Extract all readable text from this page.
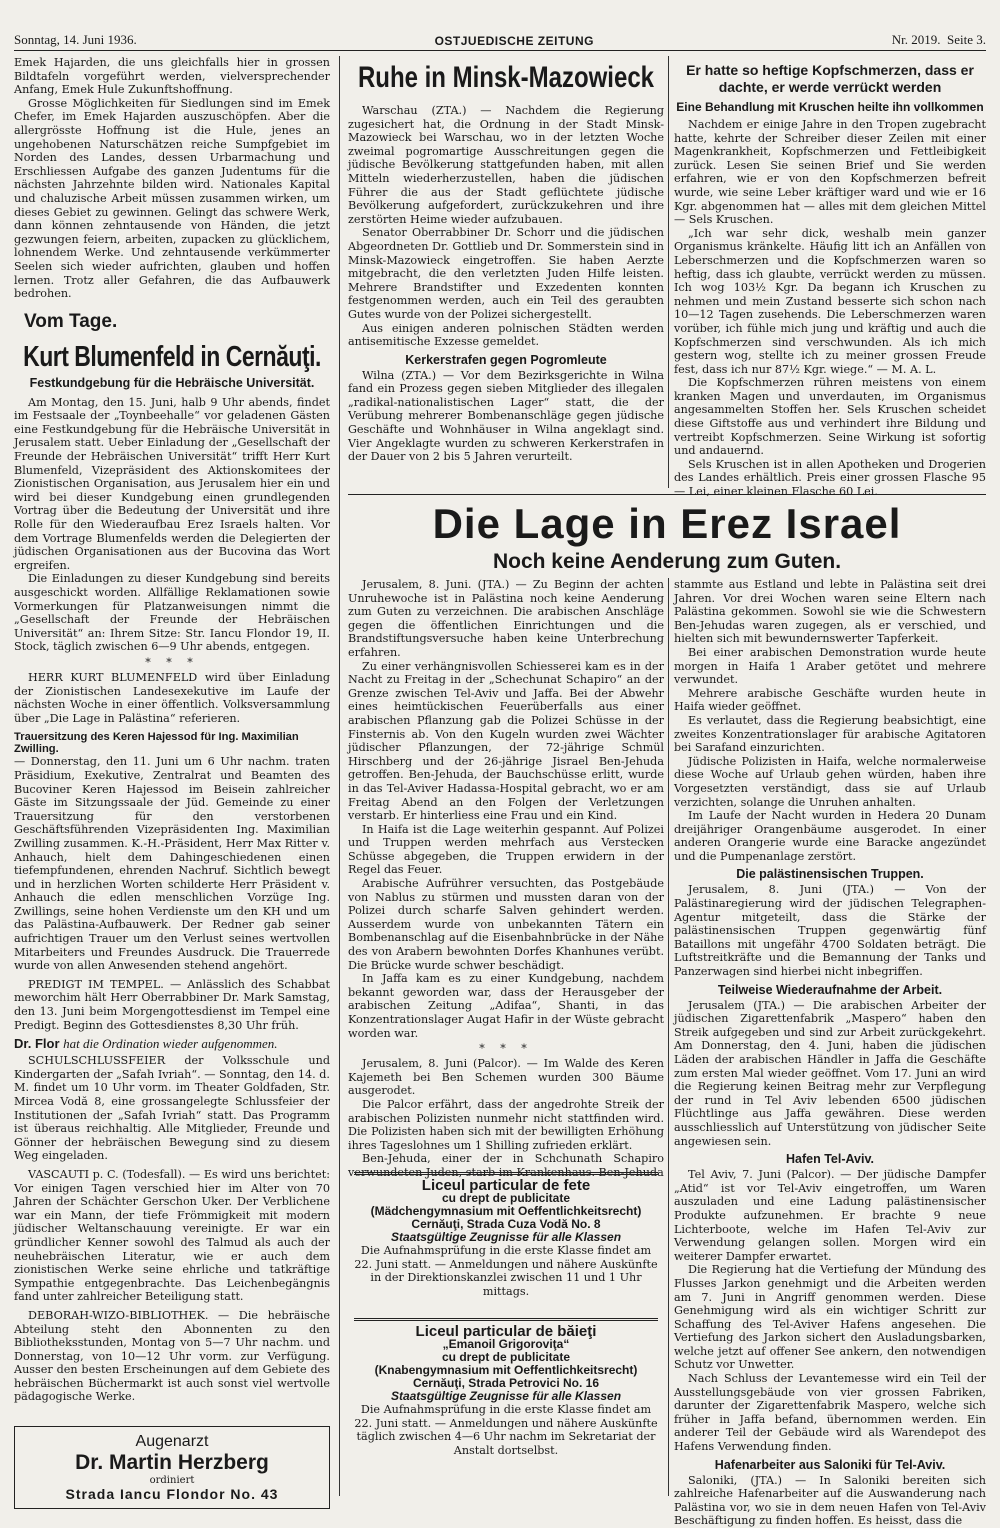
Sonntag, 14. Juni 1936.	OSTJUEDISCHE ZEITUNG	Nr. 2019. Seite 3.

Emek Hajarden, die uns gleichfalls hier in grossen Bildtafeln vorgeführt werden, vielversprechender Anfang, Emek Hule Zukunftshoffnung.

Grosse Möglichkeiten für Siedlungen sind im Emek Chefer, im Emek Hajarden auszuschöpfen. Aber die allergrösste Hoffnung ist die Hule, jenes an ungehobenen Naturschätzen reiche Sumpfgebiet im Norden des Landes, dessen Urbarmachung und Erschliessen Aufgabe des ganzen Judentums für die nächsten Jahrzehnte bilden wird. Nationales Kapital und chaluzische Arbeit müssen zusammen wirken, um dieses Gebiet zu gewinnen. Gelingt das schwere Werk, dann können zehntausende von Händen, die jetzt gezwungen feiern, arbeiten, zupacken zu glücklichem, lohnendem Werke. Und zehntausende verkümmerter Seelen sich wieder aufrichten, glauben und hoffen lernen. Trotz aller Gefahren, die das Aufbauwerk bedrohen.

Vom Tage.
Kurt Blumenfeld in Cernăuţi.
Festkundgebung für die Hebräische Universität.

Am Montag, den 15. Juni, halb 9 Uhr abends, findet im Festsaale der „Toynbeehalle“ vor geladenen Gästen eine Festkundgebung für die Hebräische Universität in Jerusalem statt. Ueber Einladung der „Gesellschaft der Freunde der Hebräischen Universität“ trifft Herr Kurt Blumenfeld, Vizepräsident des Aktionskomitees der Zionistischen Organisation, aus Jerusalem hier ein und wird bei dieser Kundgebung einen grundlegenden Vortrag über die Bedeutung der Universität und ihre Rolle für den Wiederaufbau Erez Israels halten. Vor dem Vortrage Blumenfelds werden die Delegierten der jüdischen Organisationen aus der Bucovina das Wort ergreifen.

Die Einladungen zu dieser Kundgebung sind bereits ausgeschickt worden. Allfällige Reklamationen sowie Vormerkungen für Platzanweisungen nimmt die „Gesellschaft der Freunde der Hebräischen Universität“ an: Ihrem Sitze: Str. Iancu Flondor 19, II. Stock, täglich zwischen 6—9 Uhr abends, entgegen.

* * *

HERR KURT BLUMENFELD wird über Einladung der Zionistischen Landesexekutive im Laufe der nächsten Woche in einer öffentlich. Volksversammlung über „Die Lage in Palästina“ referieren.

Trauersitzung des Keren Hajessod für Ing. Maximilian Zwilling.

— Donnerstag, den 11. Juni um 6 Uhr nachm. traten Präsidium, Exekutive, Zentralrat und Beamten des Bucoviner Keren Hajessod im Beisein zahlreicher Gäste im Sitzungssaale der Jüd. Gemeinde zu einer Trauersitzung für den verstorbenen Geschäftsführenden Vizepräsidenten Ing. Maximilian Zwilling zusammen. K.-H.-Präsident, Herr Max Ritter v. Anhauch, hielt dem Dahingeschiedenen einen tiefempfundenen, ehrenden Nachruf. Sichtlich bewegt und in herzlichen Worten schilderte Herr Präsident v. Anhauch die edlen menschlichen Vorzüge Ing. Zwillings, seine hohen Verdienste um den KH und um das Palästina-Aufbauwerk. Der Redner gab seiner aufrichtigen Trauer um den Verlust seines wertvollen Mitarbeiters und Freundes Ausdruck. Die Trauerrede wurde von allen Anwesenden stehend angehört.

PREDIGT IM TEMPEL. — Anlässlich des Schabbat meworchim hält Herr Oberrabbiner Dr. Mark Samstag, den 13. Juni beim Morgengottesdienst im Tempel eine Predigt. Beginn des Gottesdienstes 8,30 Uhr früh.

Dr. Flor hat die Ordination wieder aufgenommen.

SCHULSCHLUSSFEIER der Volksschule und Kindergarten der „Safah Ivriah“. — Sonntag, den 14. d. M. findet um 10 Uhr vorm. im Theater Goldfaden, Str. Mircea Vodă 8, eine grossangelegte Schlussfeier der Institutionen der „Safah Ivriah“ statt. Das Programm ist überaus reichhaltig. Alle Mitglieder, Freunde und Gönner der hebräischen Bewegung sind zu diesem Weg eingeladen.

VASCAUTI p. C. (Todesfall). — Es wird uns berichtet: Vor einigen Tagen verschied hier im Alter von 70 Jahren der Schächter Gerschon Uker. Der Verblichene war ein Mann, der tiefe Frömmigkeit mit modern jüdischer Weltanschauung vereinigte. Er war ein gründlicher Kenner sowohl des Talmud als auch der neuhebräischen Literatur, wie er auch dem zionistischen Werke seine ehrliche und tatkräftige Sympathie entgegenbrachte. Das Leichenbegängnis fand unter zahlreicher Beteiligung statt.

DEBORAH-WIZO-BIBLIOTHEK. — Die hebräische Abteilung steht den Abonnenten zu den Bibliotheksstunden, Montag von 5—7 Uhr nachm. und Donnerstag, von 10—12 Uhr vorm. zur Verfügung. Ausser den besten Erscheinungen auf dem Gebiete des hebräischen Büchermarkt ist auch sonst viel wertvolle pädagogische Werke.

Augenarzt
Dr. Martin Herzberg
ordiniert
Strada Iancu Flondor No. 43
Ruhe in Minsk-Mazowieck

Warschau (ZTA.) — Nachdem die Regierung zugesichert hat, die Ordnung in der Stadt Minsk-Mazowieck bei Warschau, wo in der letzten Woche zweimal pogromartige Ausschreitungen gegen die jüdische Bevölkerung stattgefunden haben, mit allen Mitteln wiederherzustellen, haben die jüdischen Führer die aus der Stadt geflüchtete jüdische Bevölkerung aufgefordert, zurückzukehren und ihre zerstörten Heime wieder aufzubauen.

Senator Oberrabbiner Dr. Schorr und die jüdischen Abgeordneten Dr. Gottlieb und Dr. Sommerstein sind in Minsk-Mazowieck eingetroffen. Sie haben Aerzte mitgebracht, die den verletzten Juden Hilfe leisten. Mehrere Brandstifter und Exzedenten konnten festgenommen werden, auch ein Teil des geraubten Gutes wurde von der Polizei sichergestellt.

Aus einigen anderen polnischen Städten werden antisemitische Exzesse gemeldet.

Kerkerstrafen gegen Pogromleute

Wilna (ZTA.) — Vor dem Bezirksgerichte in Wilna fand ein Prozess gegen sieben Mitglieder des illegalen „radikal-nationalistischen Lager“ statt, die der Verübung mehrerer Bombenanschläge gegen jüdische Geschäfte und Wohnhäuser in Wilna angeklagt sind. Vier Angeklagte wurden zu schweren Kerkerstrafen in der Dauer von 2 bis 5 Jahren verurteilt.

Er hatte so heftige Kopfschmerzen, dass er dachte, er werde verrückt werden
Eine Behandlung mit Kruschen heilte ihn vollkommen

Nachdem er einige Jahre in den Tropen zugebracht hatte, kehrte der Schreiber dieser Zeilen mit einer Magenkrankheit, Kopfschmerzen und Fettleibigkeit zurück. Lesen Sie seinen Brief und Sie werden erfahren, wie er von den Kopfschmerzen befreit wurde, wie seine Leber kräftiger ward und wie er 16 Kgr. abgenommen hat — alles mit dem gleichen Mittel — Sels Kruschen.

„Ich war sehr dick, weshalb mein ganzer Organismus kränkelte. Häufig litt ich an Anfällen von Leberschmerzen und die Kopfschmerzen waren so heftig, dass ich glaubte, verrückt werden zu müssen. Ich wog 103½ Kgr. Da begann ich Kruschen zu nehmen und mein Zustand besserte sich schon nach 10—12 Tagen zusehends. Die Leberschmerzen waren vorüber, ich fühle mich jung und kräftig und auch die Kopfschmerzen sind verschwunden. Als ich mich gestern wog, stellte ich zu meiner grossen Freude fest, dass ich nur 87½ Kgr. wiege.“ — M. A. L.

Die Kopfschmerzen rühren meistens von einem kranken Magen und unverdauten, im Organismus angesammelten Stoffen her. Sels Kruschen scheidet diese Giftstoffe aus und verhindert ihre Bildung und vertreibt Kopfschmerzen. Seine Wirkung ist sofortig und andauernd.

Sels Kruschen ist in allen Apotheken und Drogerien des Landes erhältlich. Preis einer grossen Flasche 95— Lei, einer kleinen Flasche 60 Lei.

Die Lage in Erez Israel
Noch keine Aenderung zum Guten.

Jerusalem, 8. Juni. (JTA.) — Zu Beginn der achten Unruhewoche ist in Palästina noch keine Aenderung zum Guten zu verzeichnen. Die arabischen Anschläge gegen die öffentlichen Einrichtungen und die Brandstiftungsversuche haben keine Unterbrechung erfahren.

Zu einer verhängnisvollen Schiesserei kam es in der Nacht zu Freitag in der „Schechunat Schapiro“ an der Grenze zwischen Tel-Aviv und Jaffa. Bei der Abwehr eines heimtückischen Feuerüberfalls aus einer arabischen Pflanzung gab die Polizei Schüsse in der Finsternis ab. Von den Kugeln wurden zwei Wächter jüdischer Pflanzungen, der 72-jährige Schmül Hirschberg und der 26-jährige Jisrael Ben-Jehuda getroffen. Ben-Jehuda, der Bauchschüsse erlitt, wurde in das Tel-Aviver Hadassa-Hospital gebracht, wo er am Freitag Abend an den Folgen der Verletzungen verstarb. Er hinterliess eine Frau und ein Kind.

In Haifa ist die Lage weiterhin gespannt. Auf Polizei und Truppen werden mehrfach aus Verstecken Schüsse abgegeben, die Truppen erwidern in der Regel das Feuer.

Arabische Aufrührer versuchten, das Postgebäude von Nablus zu stürmen und mussten daran von der Polizei durch scharfe Salven gehindert werden. Ausserdem wurde von unbekannten Tätern ein Bombenanschlag auf die Eisenbahnbrücke in der Nähe des von Arabern bewohnten Dorfes Khanhunes verübt. Die Brücke wurde schwer beschädigt.

In Jaffa kam es zu einer Kundgebung, nachdem bekannt geworden war, dass der Herausgeber der arabischen Zeitung „Adifaa“, Shanti, in das Konzentrationslager Augat Hafir in der Wüste gebracht worden war.

* * *

Jerusalem, 8. Juni (Palcor). — Im Walde des Keren Kajemeth bei Ben Schemen wurden 300 Bäume ausgerodet.

Die Palcor erfährt, dass der angedrohte Streik der arabischen Polizisten nunmehr nicht stattfinden wird. Die Polizisten haben sich mit der bewilligten Erhöhung ihres Tageslohnes um 1 Shilling zufrieden erklärt.

Ben-Jehuda, einer der in Schchunath Schapiro verwundeten Juden, starb im Krankenhaus. Ben-Jehuda

Liceul particular de fete
cu drept de publicitate
(Mädchengymnasium mit Oeffentlichkeitsrecht)
Cernăuţi, Strada Cuza Vodă No. 8
Staatsgültige Zeugnisse für alle Klassen

Die Aufnahmsprüfung in die erste Klasse findet am 22. Juni statt. — Anmeldungen und nähere Auskünfte in der Direktionskanzlei zwischen 11 und 1 Uhr mittags.

Liceul particular de băieţi
„Emanoil Grigoroviţa“
cu drept de publicitate
(Knabengymnasium mit Oeffentlichkeitsrecht)
Cernăuţi, Strada Petrovici No. 16
Staatsgültige Zeugnisse für alle Klassen

Die Aufnahmsprüfung in die erste Klasse findet am 22. Juni statt. — Anmeldungen und nähere Auskünfte täglich zwischen 4—6 Uhr nachm im Sekretariat der Anstalt dortselbst.

stammte aus Estland und lebte in Palästina seit drei Jahren. Vor drei Wochen waren seine Eltern nach Palästina gekommen. Sowohl sie wie die Schwestern Ben-Jehudas waren zugegen, als er verschied, und hielten sich mit bewundernswerter Tapferkeit.

Bei einer arabischen Demonstration wurde heute morgen in Haifa 1 Araber getötet und mehrere verwundet.

Mehrere arabische Geschäfte wurden heute in Haifa wieder geöffnet.

Es verlautet, dass die Regierung beabsichtigt, eine zweites Konzentrationslager für arabische Agitatoren bei Sarafand einzurichten.

Jüdische Polizisten in Haifa, welche normalerweise diese Woche auf Urlaub gehen würden, haben ihre Vorgesetzten verständigt, dass sie auf Urlaub verzichten, solange die Unruhen anhalten.

Im Laufe der Nacht wurden in Hedera 20 Dunam dreijähriger Orangenbäume ausgerodet. In einer anderen Orangerie wurde eine Baracke angezündet und die Pumpenanlage zerstört.

Die palästinensischen Truppen.

Jerusalem, 8. Juni (JTA.) — Von der Palästinaregierung wird der jüdischen Telegraphen-Agentur mitgeteilt, dass die Stärke der palästinensischen Truppen gegenwärtig fünf Bataillons mit ungefähr 4700 Soldaten beträgt. Die Luftstreitkräfte und die Bemannung der Tanks und Panzerwagen sind hierbei nicht inbegriffen.

Teilweise Wiederaufnahme der Arbeit.

Jerusalem (JTA.) — Die arabischen Arbeiter der jüdischen Zigarettenfabrik „Maspero“ haben den Streik aufgegeben und sind zur Arbeit zurückgekehrt. Am Donnerstag, den 4. Juni, haben die jüdischen Läden der arabischen Händler in Jaffa die Geschäfte zum ersten Mal wieder geöffnet. Vom 17. Juni an wird die Regierung keinen Beitrag mehr zur Verpflegung der rund in Tel Aviv lebenden 6500 jüdischen Flüchtlinge aus Jaffa gewähren. Diese werden ausschliesslich auf Unterstützung von jüdischer Seite angewiesen sein.

Hafen Tel-Aviv.

Tel Aviv, 7. Juni (Palcor). — Der jüdische Dampfer „Atid“ ist vor Tel-Aviv eingetroffen, um Waren auszuladen und eine Ladung palästinensischer Produkte aufzunehmen. Er brachte 9 neue Lichterboote, welche im Hafen Tel-Aviv zur Verwendung gelangen sollen. Morgen wird ein weiterer Dampfer erwartet.

Die Regierung hat die Vertiefung der Mündung des Flusses Jarkon genehmigt und die Arbeiten werden am 7. Juni in Angriff genommen werden. Diese Genehmigung wird als ein wichtiger Schritt zur Schaffung des Tel-Aviver Hafens angesehen. Die Vertiefung des Jarkon sichert den Ausladungsbarken, welche jetzt auf offener See ankern, den notwendigen Schutz vor Unwetter.

Nach Schluss der Levantemesse wird ein Teil der Ausstellungsgebäude von vier grossen Fabriken, darunter der Zigarettenfabrik Maspero, welche sich früher in Jaffa befand, übernommen werden. Ein anderer Teil der Gebäude wird als Warendepot des Hafens Verwendung finden.

Hafenarbeiter aus Saloniki für Tel-Aviv.

Saloniki, (JTA.) — In Saloniki bereiten sich zahlreiche Hafenarbeiter auf die Auswanderung nach Palästina vor, wo sie in dem neuen Hafen von Tel-Aviv Beschäftigung zu finden hoffen. Es heisst, dass die
